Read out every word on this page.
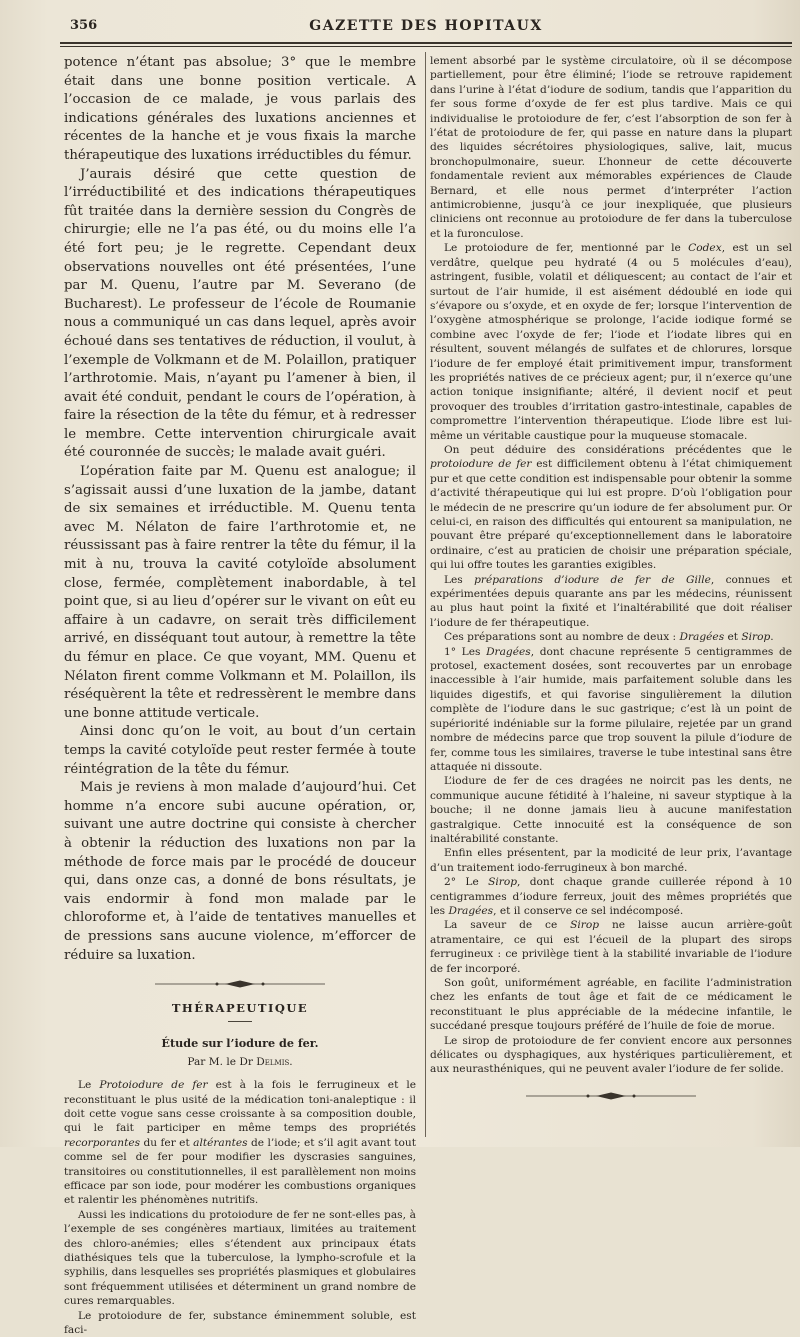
356	GAZETTE DES HOPITAUX

potence n’étant pas absolue; 3° que le membre était dans une bonne position verticale. A l’occasion de ce malade, je vous parlais des indications générales des luxations anciennes et récentes de la hanche et je vous fixais la marche thérapeutique des luxations irréductibles du fémur.

J’aurais désiré que cette question de l’irréductibilité et des indications thérapeutiques fût traitée dans la dernière session du Congrès de chirurgie; elle ne l’a pas été, ou du moins elle l’a été fort peu; je le regrette. Cependant deux observations nouvelles ont été présentées, l’une par M. Quenu, l’autre par M. Severano (de Bucharest). Le professeur de l’école de Roumanie nous a communiqué un cas dans lequel, après avoir échoué dans ses tentatives de réduction, il voulut, à l’exemple de Volkmann et de M. Polaillon, pratiquer l’arthrotomie. Mais, n’ayant pu l’amener à bien, il avait été conduit, pendant le cours de l’opération, à faire la résection de la tête du fémur, et à redresser le membre. Cette intervention chirurgicale avait été couronnée de succès; le malade avait guéri.

L’opération faite par M. Quenu est analogue; il s’agissait aussi d’une luxation de la jambe, datant de six semaines et irréductible. M. Quenu tenta avec M. Nélaton de faire l’arthrotomie et, ne réussissant pas à faire rentrer la tête du fémur, il la mit à nu, trouva la cavité cotyloïde absolument close, fermée, complètement inabordable, à tel point que, si au lieu d’opérer sur le vivant on eût eu affaire à un cadavre, on serait très difficilement arrivé, en disséquant tout autour, à remettre la tête du fémur en place. Ce que voyant, MM. Quenu et Nélaton firent comme Volkmann et M. Polaillon, ils réséquèrent la tête et redressèrent le membre dans une bonne attitude verticale.

Ainsi donc qu’on le voit, au bout d’un certain temps la cavité cotyloïde peut rester fermée à toute réintégration de la tête du fémur.

Mais je reviens à mon malade d’aujourd’hui. Cet homme n’a encore subi aucune opération, or, suivant une autre doctrine qui consiste à chercher à obtenir la réduction des luxations non par la méthode de force mais par le procédé de douceur qui, dans onze cas, a donné de bons résultats, je vais endormir à fond mon malade par le chloroforme et, à l’aide de tentatives manuelles et de pressions sans aucune violence, m’efforcer de réduire sa luxation.

THÉRAPEUTIQUE
Étude sur l’iodure de fer.
Par M. le Dr Delmis.

Le Protoiodure de fer est à la fois le ferrugineux et le reconstituant le plus usité de la médication toni-analeptique : il doit cette vogue sans cesse croissante à sa composition double, qui le fait participer en même temps des propriétés recorporantes du fer et altérantes de l’iode; et s’il agit avant tout comme sel de fer pour modifier les dyscrasies sanguines, transitoires ou constitutionnelles, il est parallèlement non moins efficace par son iode, pour modérer les combustions organiques et ralentir les phénomènes nutritifs.

Aussi les indications du protoiodure de fer ne sont-elles pas, à l’exemple de ses congénères martiaux, limitées au traitement des chloro-anémies; elles s’étendent aux principaux états diathésiques tels que la tuberculose, la lympho-scrofule et la syphilis, dans lesquelles ses propriétés plasmiques et globulaires sont fréquemment utilisées et déterminent un grand nombre de cures remarquables.

Le protoiodure de fer, substance éminemment soluble, est faci-

lement absorbé par le système circulatoire, où il se décompose partiellement, pour être éliminé; l’iode se retrouve rapidement dans l’urine à l’état d’iodure de sodium, tandis que l’apparition du fer sous forme d’oxyde de fer est plus tardive. Mais ce qui individualise le protoiodure de fer, c’est l’absorption de son fer à l’état de protoiodure de fer, qui passe en nature dans la plupart des liquides sécrétoires physiologiques, salive, lait, mucus bronchopulmonaire, sueur. L’honneur de cette découverte fondamentale revient aux mémorables expériences de Claude Bernard, et elle nous permet d’interpréter l’action antimicrobienne, jusqu’à ce jour inexpliquée, que plusieurs cliniciens ont reconnue au protoiodure de fer dans la tuberculose et la furonculose.

Le protoiodure de fer, mentionné par le Codex, est un sel verdâtre, quelque peu hydraté (4 ou 5 molécules d’eau), astringent, fusible, volatil et déliquescent; au contact de l’air et surtout de l’air humide, il est aisément dédoublé en iode qui s’évapore ou s’oxyde, et en oxyde de fer; lorsque l’intervention de l’oxygène atmosphérique se prolonge, l’acide iodique formé se combine avec l’oxyde de fer; l’iode et l’iodate libres qui en résultent, souvent mélangés de sulfates et de chlorures, lorsque l’iodure de fer employé était primitivement impur, transforment les propriétés natives de ce précieux agent; pur, il n’exerce qu’une action tonique insignifiante; altéré, il devient nocif et peut provoquer des troubles d’irritation gastro-intestinale, capables de compromettre l’intervention thérapeutique. L’iode libre est lui-même un véritable caustique pour la muqueuse stomacale.

On peut déduire des considérations précédentes que le protoiodure de fer est difficilement obtenu à l’état chimiquement pur et que cette condition est indispensable pour obtenir la somme d’activité thérapeutique qui lui est propre. D’où l’obligation pour le médecin de ne prescrire qu’un iodure de fer absolument pur. Or celui-ci, en raison des difficultés qui entourent sa manipulation, ne pouvant être préparé qu’exceptionnellement dans le laboratoire ordinaire, c’est au praticien de choisir une préparation spéciale, qui lui offre toutes les garanties exigibles.

Les préparations d’iodure de fer de Gille, connues et expérimentées depuis quarante ans par les médecins, réunissent au plus haut point la fixité et l’inaltérabilité que doit réaliser l’iodure de fer thérapeutique.

Ces préparations sont au nombre de deux : Dragées et Sirop.

1° Les Dragées, dont chacune représente 5 centigrammes de protosel, exactement dosées, sont recouvertes par un enrobage inaccessible à l’air humide, mais parfaitement soluble dans les liquides digestifs, et qui favorise singulièrement la dilution complète de l’iodure dans le suc gastrique; c’est là un point de supériorité indéniable sur la forme pilulaire, rejetée par un grand nombre de médecins parce que trop souvent la pilule d’iodure de fer, comme tous les similaires, traverse le tube intestinal sans être attaquée ni dissoute.

L’iodure de fer de ces dragées ne noircit pas les dents, ne communique aucune fétidité à l’haleine, ni saveur styptique à la bouche; il ne donne jamais lieu à aucune manifestation gastralgique. Cette innocuité est la conséquence de son inaltérabilité constante.

Enfin elles présentent, par la modicité de leur prix, l’avantage d’un traitement iodo-ferrugineux à bon marché.

2° Le Sirop, dont chaque grande cuillerée répond à 10 centigrammes d’iodure ferreux, jouit des mêmes propriétés que les Dragées, et il conserve ce sel indécomposé.

La saveur de ce Sirop ne laisse aucun arrière-goût atramentaire, ce qui est l’écueil de la plupart des sirops ferrugineux : ce privilège tient à la stabilité invariable de l’iodure de fer incorporé.

Son goût, uniformément agréable, en facilite l’administration chez les enfants de tout âge et fait de ce médicament le reconstituant le plus appréciable de la médecine infantile, le succédané presque toujours préféré de l’huile de foie de morue.

Le sirop de protoiodure de fer convient encore aux personnes délicates ou dysphagiques, aux hystériques particulièrement, et aux neurasthéniques, qui ne peuvent avaler l’iodure de fer solide.
